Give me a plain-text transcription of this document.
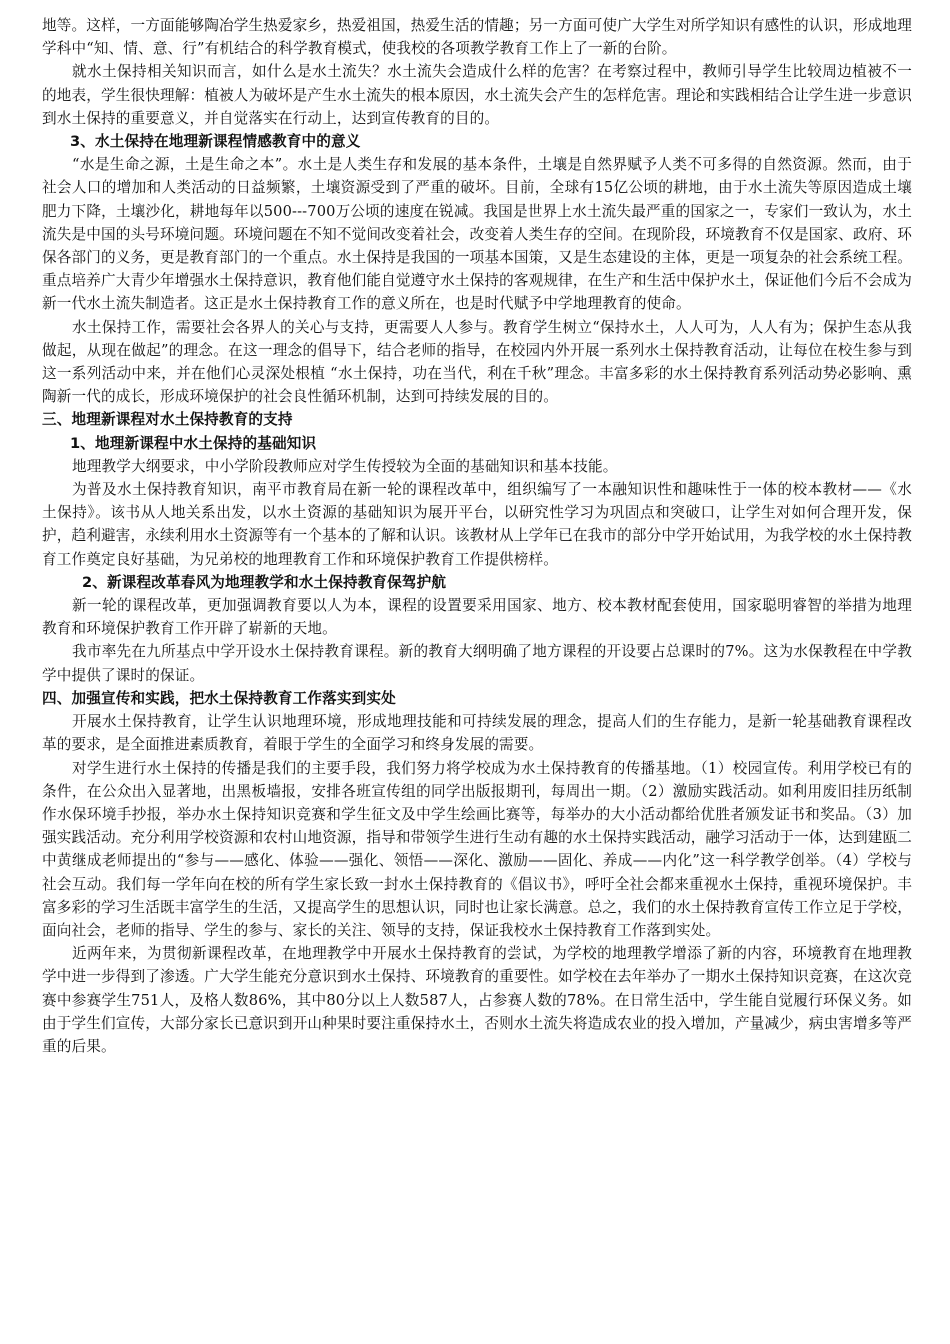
地等。这样，一方面能够陶冶学生热爱家乡，热爱祖国，热爱生活的情趣；另一方面可使广大学生对所学知识有感性的认识，形成地理学科中“知、情、意、行”有机结合的科学教育模式，使我校的各项教学教育工作上了一新的台阶。

就水土保持相关知识而言，如什么是水土流失？水土流失会造成什么样的危害？在考察过程中，教师引导学生比较周边植被不一的地表，学生很快理解：植被人为破坏是产生水土流失的根本原因，水土流失会产生的怎样危害。理论和实践相结合让学生进一步意识到水土保持的重要意义，并自觉落实在行动上，达到宣传教育的目的。

3、水土保持在地理新课程情感教育中的意义

“水是生命之源，土是生命之本”。水土是人类生存和发展的基本条件，土壤是自然界赋予人类不可多得的自然资源。然而，由于社会人口的增加和人类活动的日益频繁，土壤资源受到了严重的破坏。目前，全球有15亿公顷的耕地，由于水土流失等原因造成土壤肥力下降，土壤沙化，耕地每年以500---700万公顷的速度在锐减。我国是世界上水土流失最严重的国家之一，专家们一致认为，水土流失是中国的头号环境问题。环境问题在不知不觉间改变着社会，改变着人类生存的空间。在现阶段，环境教育不仅是国家、政府、环保各部门的义务，更是教育部门的一个重点。水土保持是我国的一项基本国策，又是生态建设的主体，更是一项复杂的社会系统工程。重点培养广大青少年增强水土保持意识，教育他们能自觉遵守水土保持的客观规律，在生产和生活中保护水土，保证他们今后不会成为新一代水土流失制造者。这正是水土保持教育工作的意义所在，也是时代赋予中学地理教育的使命。

水土保持工作，需要社会各界人的关心与支持，更需要人人参与。教育学生树立“保持水土，人人可为，人人有为；保护生态从我做起，从现在做起”的理念。在这一理念的倡导下，结合老师的指导，在校园内外开展一系列水土保持教育活动，让每位在校生参与到这一系列活动中来，并在他们心灵深处根植 “水土保持，功在当代，利在千秋”理念。丰富多彩的水土保持教育系列活动势必影响、熏陶新一代的成长，形成环境保护的社会良性循环机制，达到可持续发展的目的。

三、地理新课程对水土保持教育的支持
1、地理新课程中水土保持的基础知识

地理教学大纲要求，中小学阶段教师应对学生传授较为全面的基础知识和基本技能。

为普及水土保持教育知识，南平市教育局在新一轮的课程改革中，组织编写了一本融知识性和趣味性于一体的校本教材——《水土保持》。该书从人地关系出发，以水土资源的基础知识为展开平台，以研究性学习为巩固点和突破口，让学生对如何合理开发，保护，趋利避害，永续利用水土资源等有一个基本的了解和认识。该教材从上学年已在我市的部分中学开始试用，为我学校的水土保持教育工作奠定良好基础，为兄弟校的地理教育工作和环境保护教育工作提供榜样。

2、新课程改革春风为地理教学和水土保持教育保驾护航

新一轮的课程改革，更加强调教育要以人为本，课程的设置要采用国家、地方、校本教材配套使用，国家聪明睿智的举措为地理教育和环境保护教育工作开辟了崭新的天地。

我市率先在九所基点中学开设水土保持教育课程。新的教育大纲明确了地方课程的开设要占总课时的7%。这为水保教程在中学教学中提供了课时的保证。

四、加强宣传和实践，把水土保持教育工作落实到实处

开展水土保持教育，让学生认识地理环境，形成地理技能和可持续发展的理念，提高人们的生存能力，是新一轮基础教育课程改革的要求，是全面推进素质教育，着眼于学生的全面学习和终身发展的需要。

对学生进行水土保持的传播是我们的主要手段，我们努力将学校成为水土保持教育的传播基地。（1）校园宣传。利用学校已有的条件，在公众出入显著地，出黑板墙报，安排各班宣传组的同学出版报期刊，每周出一期。（2）激励实践活动。如利用废旧挂历纸制作水保环境手抄报，举办水土保持知识竞赛和学生征文及中学生绘画比赛等，每举办的大小活动都给优胜者颁发证书和奖品。（3）加强实践活动。充分利用学校资源和农村山地资源，指导和带领学生进行生动有趣的水土保持实践活动，融学习活动于一体，达到建瓯二中黄继成老师提出的“参与——感化、体验——强化、领悟——深化、激励——固化、养成——内化”这一科学教学创举。（4）学校与社会互动。我们每一学年向在校的所有学生家长致一封水土保持教育的《倡议书》，呼吁全社会都来重视水土保持，重视环境保护。丰富多彩的学习生活既丰富学生的生活，又提高学生的思想认识，同时也让家长满意。总之，我们的水土保持教育宣传工作立足于学校，面向社会，老师的指导、学生的参与、家长的关注、领导的支持，保证我校水土保持教育工作落到实处。

近两年来，为贯彻新课程改革，在地理教学中开展水土保持教育的尝试，为学校的地理教学增添了新的内容，环境教育在地理教学中进一步得到了渗透。广大学生能充分意识到水土保持、环境教育的重要性。如学校在去年举办了一期水土保持知识竞赛，在这次竞赛中参赛学生751人，及格人数86%，其中80分以上人数587人，占参赛人数的78%。在日常生活中，学生能自觉履行环保义务。如由于学生们宣传，大部分家长已意识到开山种果时要注重保持水土，否则水土流失将造成农业的投入增加，产量减少，病虫害增多等严重的后果。
